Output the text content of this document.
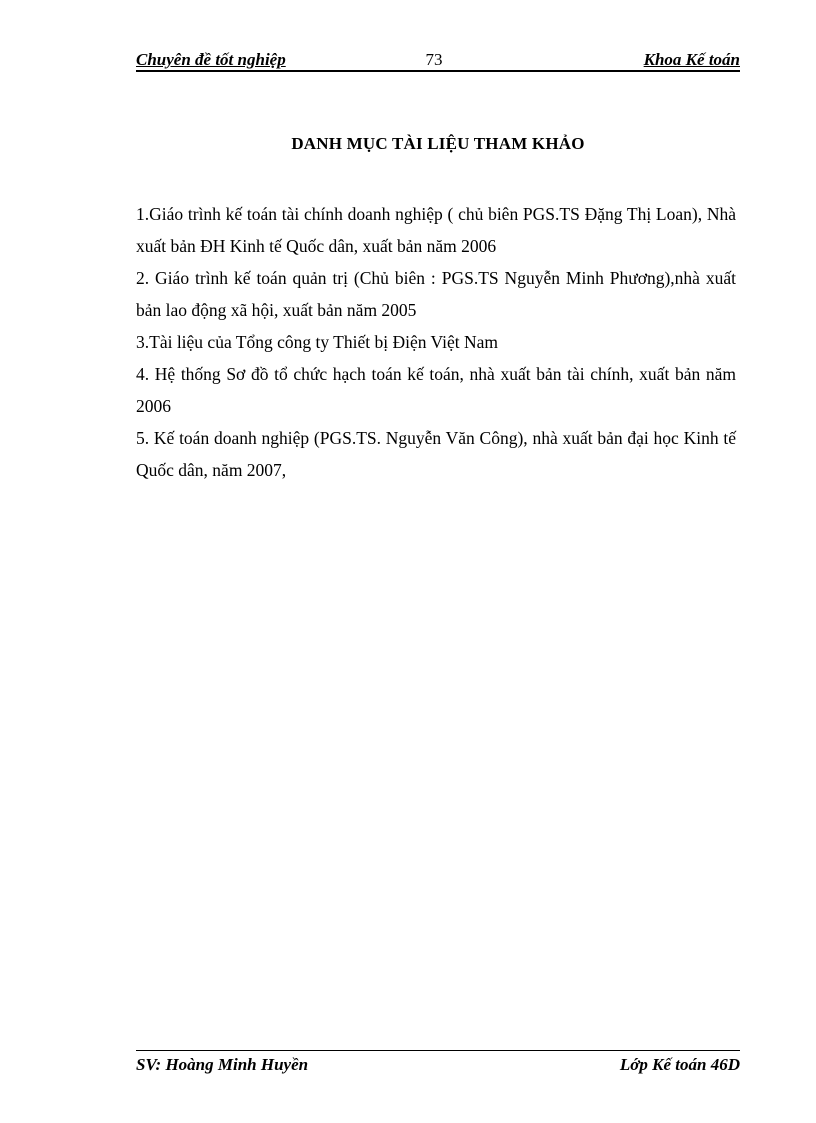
Chuyên đề tốt nghiệp	73	Khoa Kế toán
DANH MỤC TÀI LIỆU THAM KHẢO
1.Giáo trình kế toán tài chính doanh nghiệp ( chủ biên PGS.TS Đặng Thị Loan), Nhà xuất bản ĐH Kinh tế Quốc dân, xuất bản năm 2006
2. Giáo trình kế toán quản trị (Chủ biên : PGS.TS Nguyễn Minh Phương),nhà xuất bản lao động xã hội, xuất bản năm 2005
3.Tài liệu của Tổng công ty Thiết bị Điện Việt Nam
4. Hệ thống Sơ đồ tổ chức hạch toán kế toán, nhà xuất bản tài chính, xuất bản năm 2006
5. Kế toán doanh nghiệp (PGS.TS. Nguyễn Văn Công), nhà xuất bản đại học Kinh tế Quốc dân, năm 2007,
SV: Hoàng Minh Huyền	Lớp Kế toán 46D
